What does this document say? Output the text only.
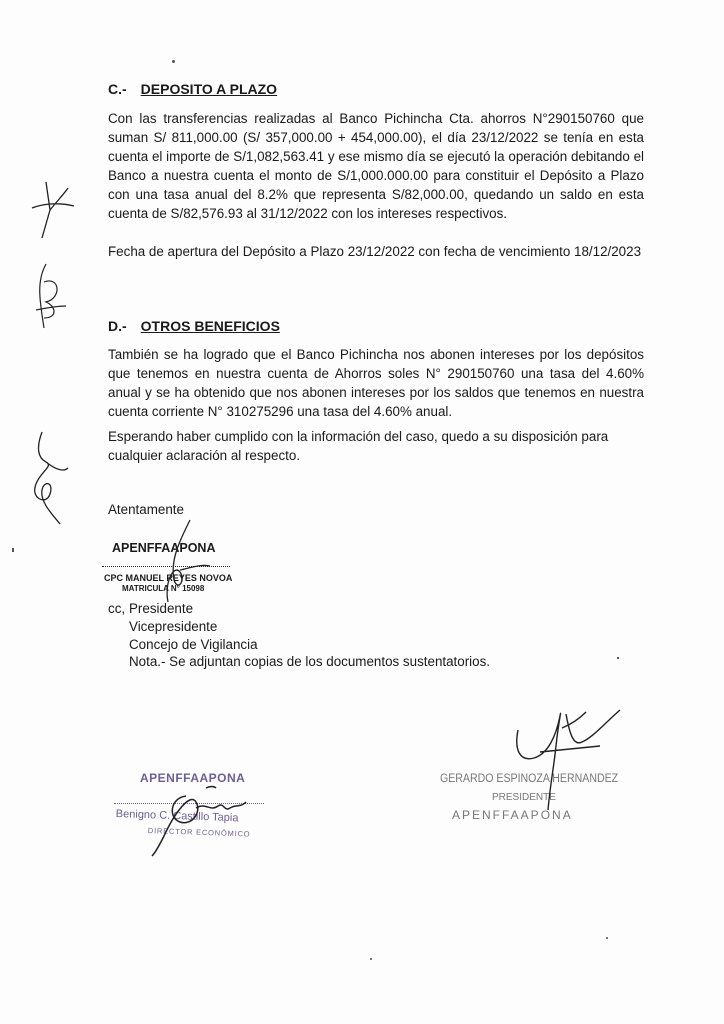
C.- DEPOSITO A PLAZO
Con las transferencias realizadas al Banco Pichincha Cta. ahorros N°290150760 que suman S/ 811,000.00 (S/ 357,000.00 + 454,000.00), el día 23/12/2022 se tenía en esta cuenta el importe de S/1,082,563.41 y ese mismo día se ejecutó la operación debitando el Banco a nuestra cuenta el monto de S/1,000.000.00 para constituir el Depósito a Plazo con una tasa anual del 8.2% que representa S/82,000.00, quedando un saldo en esta cuenta de S/82,576.93 al 31/12/2022 con los intereses respectivos.
Fecha de apertura del Depósito a Plazo 23/12/2022 con fecha de vencimiento 18/12/2023
D.- OTROS BENEFICIOS
También se ha logrado que el Banco Pichincha nos abonen intereses por los depósitos que tenemos en nuestra cuenta de Ahorros soles N° 290150760 una tasa del 4.60% anual y se ha obtenido que nos abonen intereses por los saldos que tenemos en nuestra cuenta corriente N° 310275296 una tasa del 4.60% anual.
Esperando haber cumplido con la información del caso, quedo a su disposición para cualquier aclaración al respecto.
Atentamente
APENFFAAPONA
CPC MANUEL REYES NOVOA
MATRICULA N° 15098
cc, Presidente
Vicepresidente
Concejo de Vigilancia
Nota.- Se adjuntan copias de los documentos sustentatorios.
APENFFAAPONA
Benigno C. Castillo Tapia
DIRECTOR ECONÓMICO
GERARDO ESPINOZA HERNANDEZ
PRESIDENTE
APENFFAAPONA
